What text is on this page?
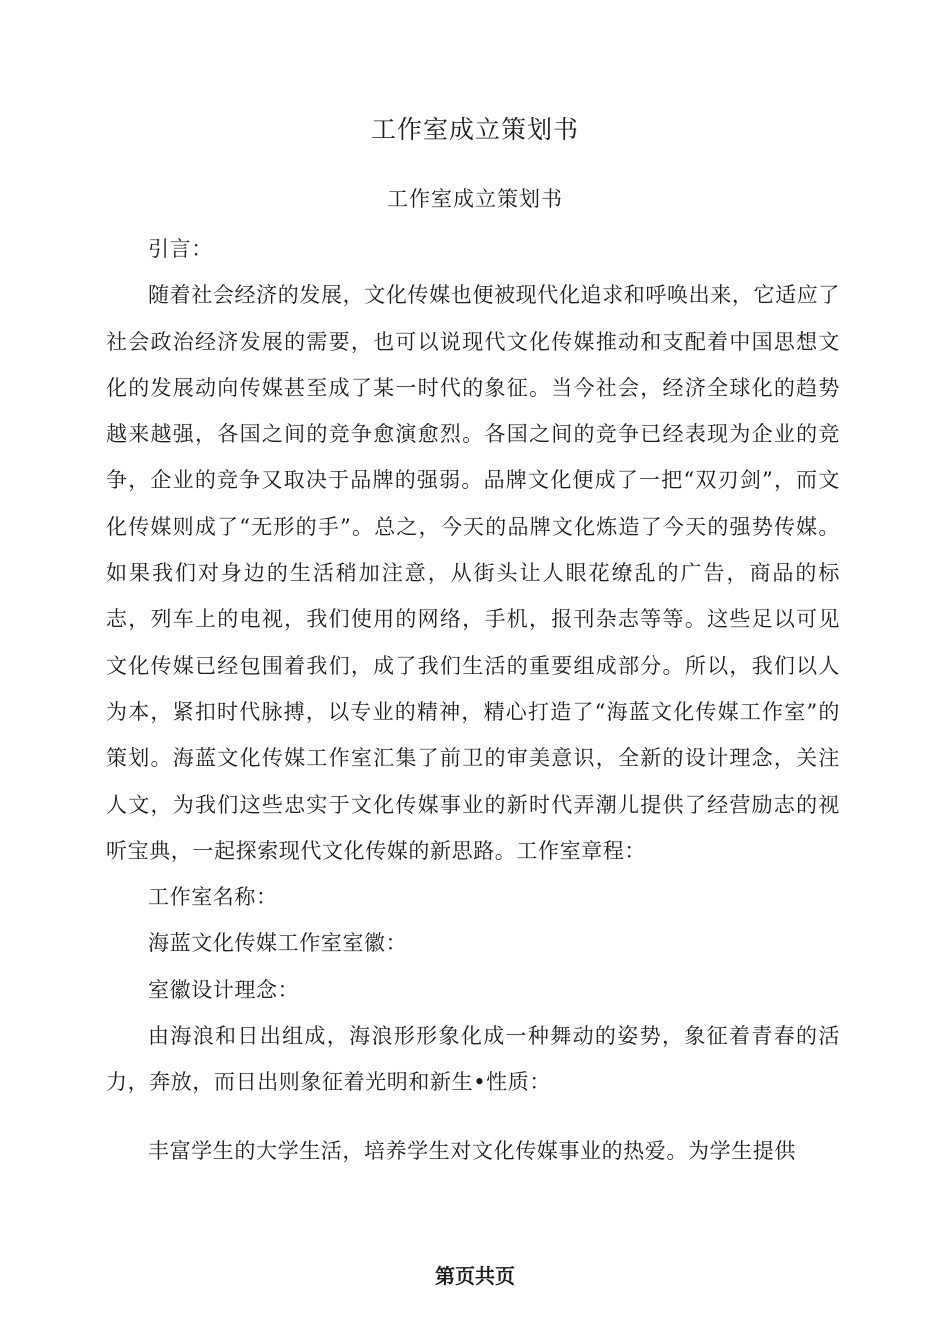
工作室成立策划书
工作室成立策划书

引言：

随着社会经济的发展，文化传媒也便被现代化追求和呼唤出来，它适应了社会政治经济发展的需要，也可以说现代文化传媒推动和支配着中国思想文化的发展动向传媒甚至成了某一时代的象征。当今社会，经济全球化的趋势越来越强，各国之间的竞争愈演愈烈。各国之间的竞争已经表现为企业的竞争，企业的竞争又取决于品牌的强弱。品牌文化便成了一把“双刃剑”，而文化传媒则成了“无形的手”。总之，今天的品牌文化炼造了今天的强势传媒。如果我们对身边的生活稍加注意，从街头让人眼花缭乱的广告，商品的标志，列车上的电视，我们使用的网络，手机，报刊杂志等等。这些足以可见文化传媒已经包围着我们，成了我们生活的重要组成部分。所以，我们以人为本，紧扣时代脉搏，以专业的精神，精心打造了“海蓝文化传媒工作室”的策划。海蓝文化传媒工作室汇集了前卫的审美意识，全新的设计理念，关注人文，为我们这些忠实于文化传媒事业的新时代弄潮儿提供了经营励志的视听宝典，一起探索现代文化传媒的新思路。工作室章程：

工作室名称：

海蓝文化传媒工作室室徽：

室徽设计理念：

由海浪和日出组成，海浪形形象化成一种舞动的姿势，象征着青春的活力，奔放，而日出则象征着光明和新生•性质：

丰富学生的大学生活，培养学生对文化传媒事业的热爱。为学生提供

第页共页
